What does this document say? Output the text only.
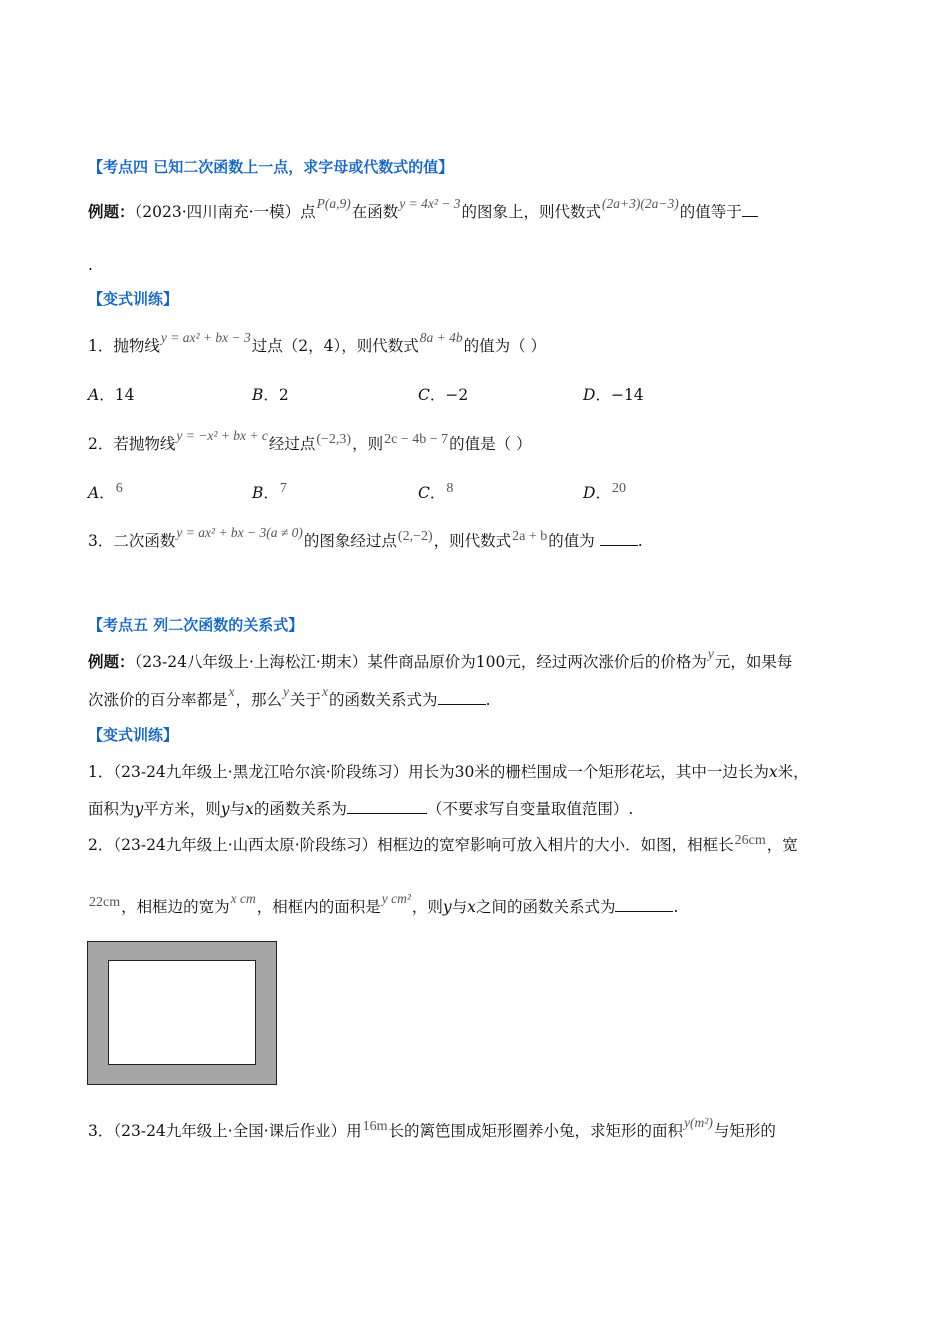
【考点四 已知二次函数上一点，求字母或代数式的值】
例题：（2023·四川南充·一模）点P(a,9)在函数y = 4x² − 3的图象上，则代数式(2a+3)(2a−3)的值等于
.
【变式训练】
1．抛物线y = ax² + bx − 3过点（2，4），则代数式8a + 4b的值为（ ）
A．14	B．2	C．−2	D．−14
2．若抛物线y = −x² + bx + c经过点(−2,3)，则2c − 4b − 7的值是（ ）
A．6	B．7	C．8	D．20
3．二次函数y = ax² + bx − 3(a ≠ 0)的图象经过点(2,−2)，则代数式2a + b的值为	.
【考点五 列二次函数的关系式】
例题：（23-24八年级上·上海松江·期末）某件商品原价为100元，经过两次涨价后的价格为y元，如果每
次涨价的百分率都是x，那么y关于x的函数关系式为	.
【变式训练】
1．（23-24九年级上·黑龙江哈尔滨·阶段练习）用长为30米的栅栏围成一个矩形花坛，其中一边长为x米，
面积为y平方米，则y与x的函数关系为	（不要求写自变量取值范围）.
2．（23-24九年级上·山西太原·阶段练习）相框边的宽窄影响可放入相片的大小．如图，相框长26cm，宽
22cm，相框边的宽为x cm，相框内的面积是y cm²，则y与x之间的函数关系式为	.
3．（23-24九年级上·全国·课后作业）用16m长的篱笆围成矩形圈养小兔，求矩形的面积y(m²)与矩形的
